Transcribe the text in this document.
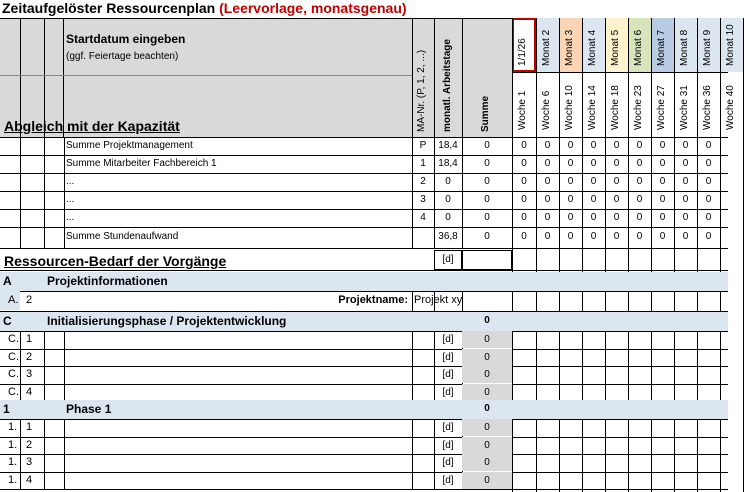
Zeitaufgelöster Ressourcenplan (Leervorlage, monatsgenau)
Startdatum eingeben
(ggf. Feiertage beachten)
Abgleich mit der Kapazität	MA-Nr. (P, 1, 2, ...) monatl. Arbeitstage	Summe
1/1/26 Monat 2 Monat 3 Monat 4 Monat 5 Monat 6 Monat 7 Monat 8 Monat 9 Monat 10
Woche 1 Woche 6 Woche 10 Woche 14 Woche 18 Woche 23 Woche 27 Woche 31 Woche 36 Woche 40
Summe Projektmanagement	P	18,4	0	0	0	0	0	0	0	0	0	0
Summe Mitarbeiter Fachbereich 1	1	18,4	0	0	0	0	0	0	0	0	0	0
...	2	0	0	0	0	0	0	0	0	0	0	0
...	3	0	0	0	0	0	0	0	0	0	0	0
...	4	0	0	0	0	0	0	0	0	0	0	0
Summe Stundenaufwand	36,8	0	0	0	0	0	0	0	0	0	0
Ressourcen-Bedarf der Vorgänge	[d]
A	Projektinformationen
A. 2	Projektname: Projekt xy
C	Initialisierungsphase / Projektentwicklung	0
C. 1	[d]	0
C. 2	[d]	0
C. 3	[d]	0
C. 4	[d]	0
1	Phase 1	0
1. 1	[d]	0
1. 2	[d]	0
1. 3	[d]	0
1. 4	[d]	0
